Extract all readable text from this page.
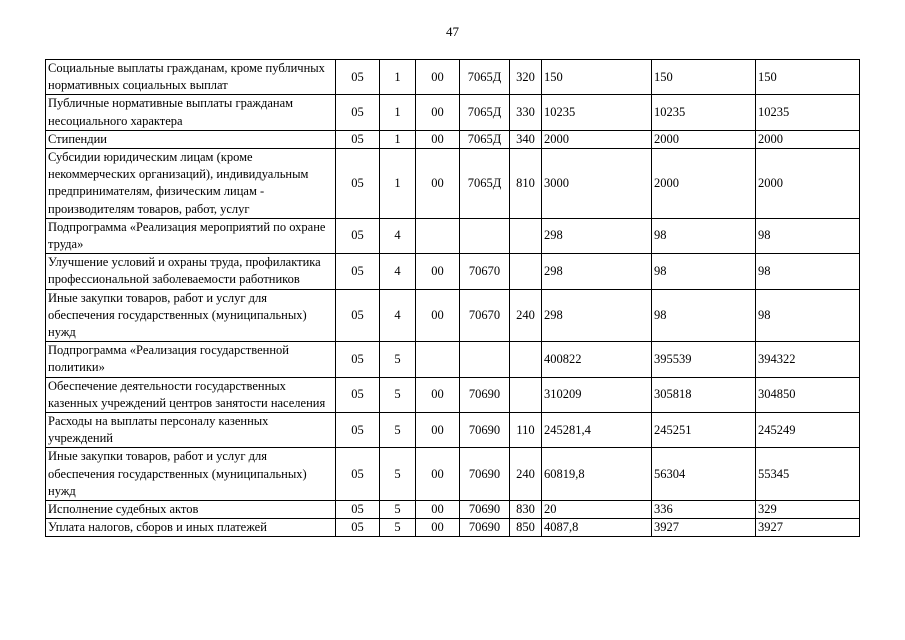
47
Социальные выплаты гражданам, кроме публичных нормативных социальных выплат	05	1	00	7065Д	320	150	150	150
Публичные нормативные выплаты гражданам несоциального характера	05	1	00	7065Д	330	10235	10235	10235
Стипендии	05	1	00	7065Д	340	2000	2000	2000
Субсидии юридическим лицам (кроме некоммерческих организаций), индивидуальным предпринимателям, физическим лицам - производителям товаров, работ, услуг	05	1	00	7065Д	810	3000	2000	2000
Подпрограмма «Реализация мероприятий по охране труда»	05	4				298	98	98
Улучшение условий и охраны труда, профилактика профессиональной заболеваемости работников	05	4	00	70670		298	98	98
Иные закупки товаров, работ и услуг для обеспечения государственных (муниципальных) нужд	05	4	00	70670	240	298	98	98
Подпрограмма «Реализация государственной политики»	05	5				400822	395539	394322
Обеспечение деятельности государственных казенных учреждений центров занятости населения	05	5	00	70690		310209	305818	304850
Расходы на выплаты персоналу казенных учреждений	05	5	00	70690	110	245281,4	245251	245249
Иные закупки товаров, работ и услуг для обеспечения государственных (муниципальных) нужд	05	5	00	70690	240	60819,8	56304	55345
Исполнение судебных актов	05	5	00	70690	830	20	336	329
Уплата налогов, сборов и иных платежей	05	5	00	70690	850	4087,8	3927	3927
